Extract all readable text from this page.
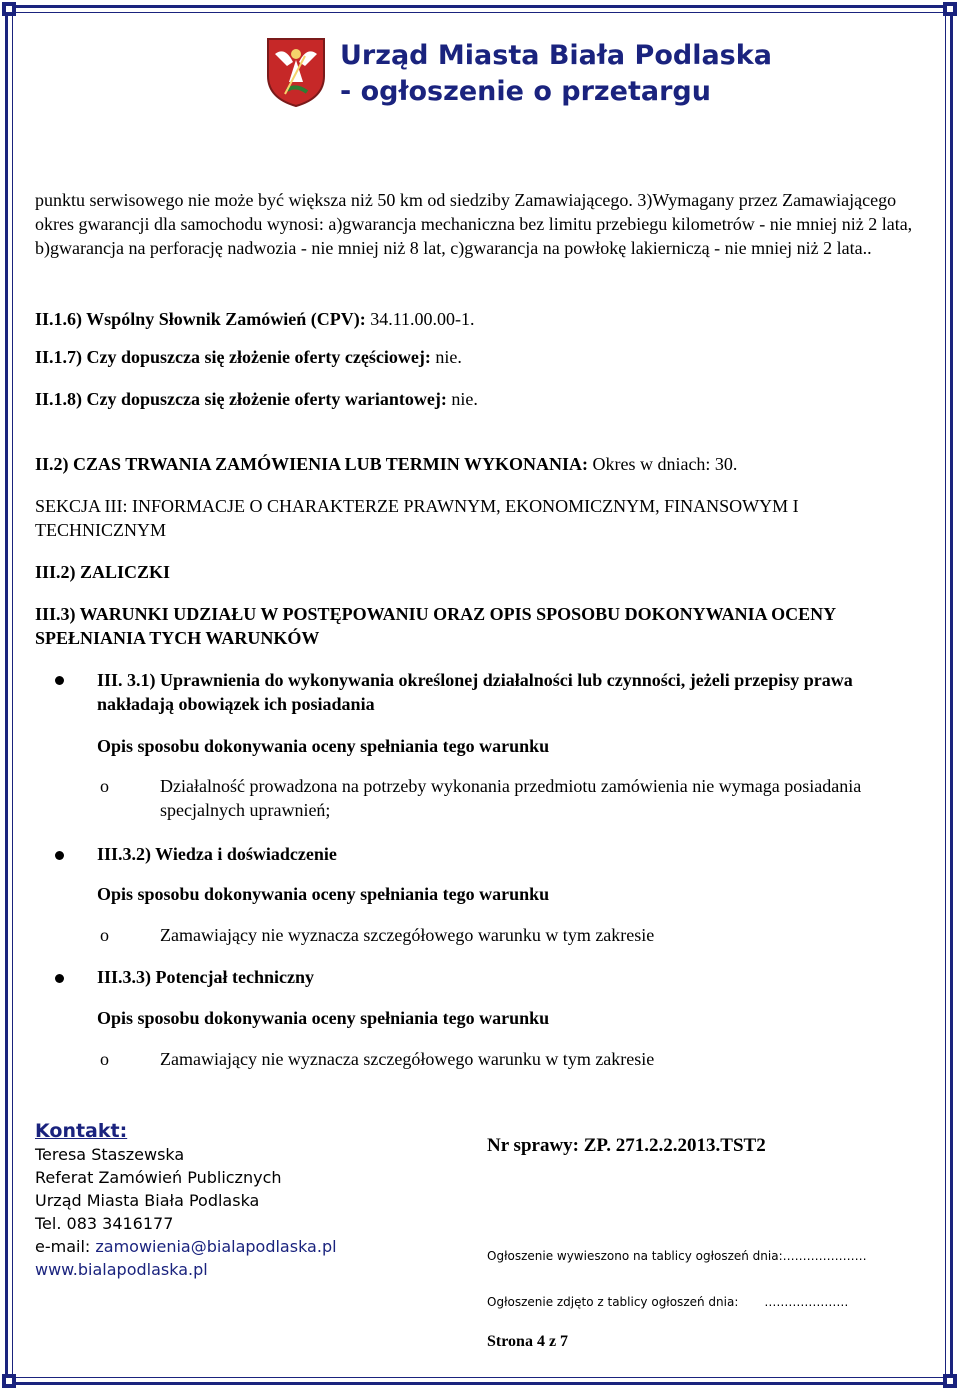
Urząd Miasta Biała Podlaska
- ogłoszenie o przetargu
punktu serwisowego nie może być większa niż 50 km od siedziby Zamawiającego. 3)Wymagany przez Zamawiającego okres gwarancji dla samochodu wynosi: a)gwarancja mechaniczna bez limitu przebiegu kilometrów - nie mniej niż 2 lata, b)gwarancja na perforację nadwozia - nie mniej niż 8 lat, c)gwarancja na powłokę lakierniczą - nie mniej niż 2 lata..
II.1.6) Wspólny Słownik Zamówień (CPV): 34.11.00.00-1.
II.1.7) Czy dopuszcza się złożenie oferty częściowej: nie.
II.1.8) Czy dopuszcza się złożenie oferty wariantowej: nie.
II.2) CZAS TRWANIA ZAMÓWIENIA LUB TERMIN WYKONANIA: Okres w dniach: 30.
SEKCJA III: INFORMACJE O CHARAKTERZE PRAWNYM, EKONOMICZNYM, FINANSOWYM I TECHNICZNYM
III.2) ZALICZKI
III.3) WARUNKI UDZIAŁU W POSTĘPOWANIU ORAZ OPIS SPOSOBU DOKONYWANIA OCENY SPEŁNIANIA TYCH WARUNKÓW
III. 3.1) Uprawnienia do wykonywania określonej działalności lub czynności, jeżeli przepisy prawa nakładają obowiązek ich posiadania
Opis sposobu dokonywania oceny spełniania tego warunku
o	Działalność prowadzona na potrzeby wykonania przedmiotu zamówienia nie wymaga posiadania specjalnych uprawnień;
III.3.2) Wiedza i doświadczenie
Opis sposobu dokonywania oceny spełniania tego warunku
o	Zamawiający nie wyznacza szczegółowego warunku w tym zakresie
III.3.3) Potencjał techniczny
Opis sposobu dokonywania oceny spełniania tego warunku
o	Zamawiający nie wyznacza szczegółowego warunku w tym zakresie
Kontakt:
Teresa Staszewska
Referat Zamówień Publicznych
Urząd Miasta Biała Podlaska
Tel. 083 3416177
e-mail: zamowienia@bialapodlaska.pl
www.bialapodlaska.pl
Nr sprawy: ZP. 271.2.2.2013.TST2
Ogłoszenie wywieszono na tablicy ogłoszeń dnia:…………………
Ogłoszenie zdjęto z tablicy ogłoszeń dnia: …………………
Strona 4 z 7
